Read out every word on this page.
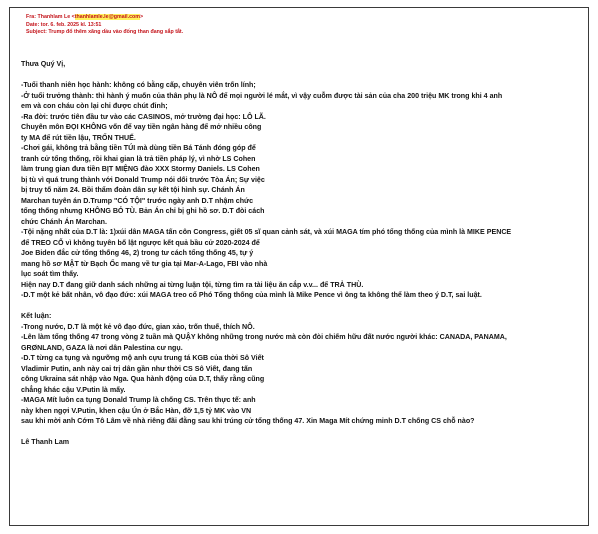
Fra: Thanhlam Le <thanhlamle.le@gmail.com>
Date: tor. 6. feb. 2025 kl. 13:51
Subject: Trump đổ thêm xăng dầu vào đống than đang sắp tắt.
Thưa Quý Vị,
-Tuổi thanh niên học hành: không có bằng cấp, chuyên viên trốn lính;
-Ở tuổi trưởng thành: thì hành ý muốn của thân phụ là NÔ để mọi người lé mắt, vì vậy cuỗm được tài sản của cha 200 triệu MK trong khi 4 anh
em và con cháu còn lại chỉ được chút đỉnh;
-Ra đời: trước tiên đầu tư vào các CASINOS, mở trường đại học: LÔ LÃ.
Chuyên môn ĐỌI KHÔNG vốn để vay tiền ngân hàng để mở nhiều công
ty MA để rút tiền lậu, TRỐN THUẾ.
-Chơi gái, không trả bằng tiền TÚI mà dùng tiền Bá Tánh đóng góp để
tranh cử tổng thống, rồi khai gian là trả tiền pháp lý, vì nhờ LS Cohen
làm trung gian đưa tiền BỊT MIỆNG đào XXX Stormy Daniels. LS Cohen
bị tù vì quá trung thành với Donald Trump nói dối trước Tòa Án; Sự việc
bị truy tố năm 24. Bồi thẩm đoàn dân sự kết tội hình sự. Chánh Án
Marchan tuyên án D.Trump "CÓ TỘI" trước ngày anh D.T nhậm chức
tổng thống nhưng KHÔNG BỎ TÙ. Bản Án chỉ bị ghi hồ sơ. D.T đòi cách
chức Chánh Án Marchan.
-Tội nặng nhất của D.T là: 1)xúi dân MAGA tấn côn Congress, giết 05 sĩ quan cảnh sát, và xúi MAGA tím phó tổng thống của mình là MIKE PENCE
để TREO CỔ vì không tuyên bố lật ngược kết quả bầu cử 2020-2024 để
Joe Biden đắc cử tổng thống 46, 2) trong tư cách tổng thống 45, tự ý
mang hồ sơ MẬT từ Bạch Ốc mang về tư gia tại Mar-A-Lago, FBI vào nhà
lục soát tìm thấy.
Hiện nay D.T đang giữ danh sách những ai từng luận tội, từng tìm ra tài liệu ăn cắp v.v... để TRẢ THÙ.
-D.T một kẻ bất nhân, vô đạo đức: xúi MAGA treo cổ Phó Tổng thống của mình là Mike Pence vì ông ta không thể làm theo ý D.T, sai luật.
Kết luận:
-Trong nước, D.T là một kẻ vô đạo đức, gian xảo, trốn thuế, thích NÔ.
-Lên làm tổng thống 47 trong vòng 2 tuần mà QUẬY không những trong nước mà còn đòi chiếm hữu đất nước người khác: CANADA, PANAMA,
GRØNLAND, GAZA là nơi dân Palestina cư ngụ.
-D.T từng ca tụng và ngưỡng mộ anh cựu trung tá KGB của thời Sô Viết
Vladimir Putin, anh này cai trị dân gần như thời CS Sô Viết, đang tấn
công Ukraina sát nhập vào Nga. Qua hành động của D.T, thấy rằng cũng
chẳng khác cậu V.Putin là mấy.
-MAGA Mít luôn ca tụng Donald Trump là chống CS. Trên thực tế: anh
này khen ngợi V.Putin, khen cậu Ún ở Bắc Hàn, đỡ 1,5 tỷ MK vào VN
sau khi mời anh Cớm Tô Lâm về nhà riêng đãi đằng sau khi trúng cử tổng thống 47. Xin Maga Mít chứng minh D.T chống CS chỗ nào?
Lê Thanh Lam
